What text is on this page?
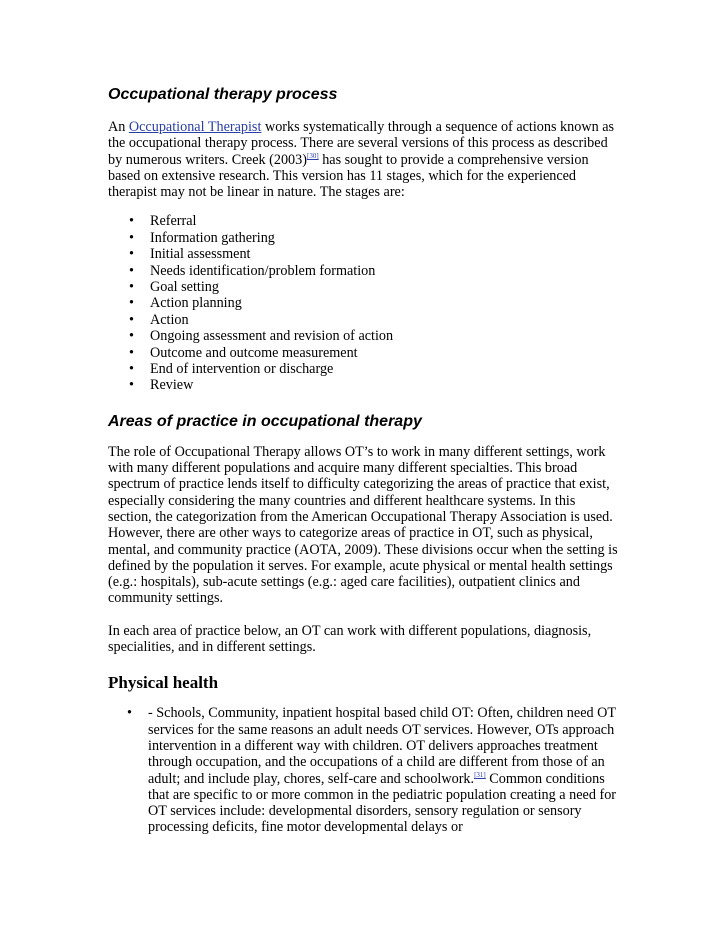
Occupational therapy process

An Occupational Therapist works systematically through a sequence of actions known as the occupational therapy process. There are several versions of this process as described by numerous writers. Creek (2003)[30] has sought to provide a comprehensive version based on extensive research. This version has 11 stages, which for the experienced therapist may not be linear in nature. The stages are:

• Referral
• Information gathering
• Initial assessment
• Needs identification/problem formation
• Goal setting
• Action planning
• Action
• Ongoing assessment and revision of action
• Outcome and outcome measurement
• End of intervention or discharge
• Review
Areas of practice in occupational therapy

The role of Occupational Therapy allows OT’s to work in many different settings, work with many different populations and acquire many different specialties. This broad spectrum of practice lends itself to difficulty categorizing the areas of practice that exist, especially considering the many countries and different healthcare systems. In this section, the categorization from the American Occupational Therapy Association is used. However, there are other ways to categorize areas of practice in OT, such as physical, mental, and community practice (AOTA, 2009). These divisions occur when the setting is defined by the population it serves. For example, acute physical or mental health settings (e.g.: hospitals), sub-acute settings (e.g.: aged care facilities), outpatient clinics and community settings.

In each area of practice below, an OT can work with different populations, diagnosis, specialities, and in different settings.

Physical health
• - Schools, Community, inpatient hospital based child OT: Often, children need OT services for the same reasons an adult needs OT services. However, OTs approach intervention in a different way with children. OT delivers approaches treatment through occupation, and the occupations of a child are different from those of an adult; and include play, chores, self-care and schoolwork.[31] Common conditions that are specific to or more common in the pediatric population creating a need for OT services include: developmental disorders, sensory regulation or sensory processing deficits, fine motor developmental delays or
